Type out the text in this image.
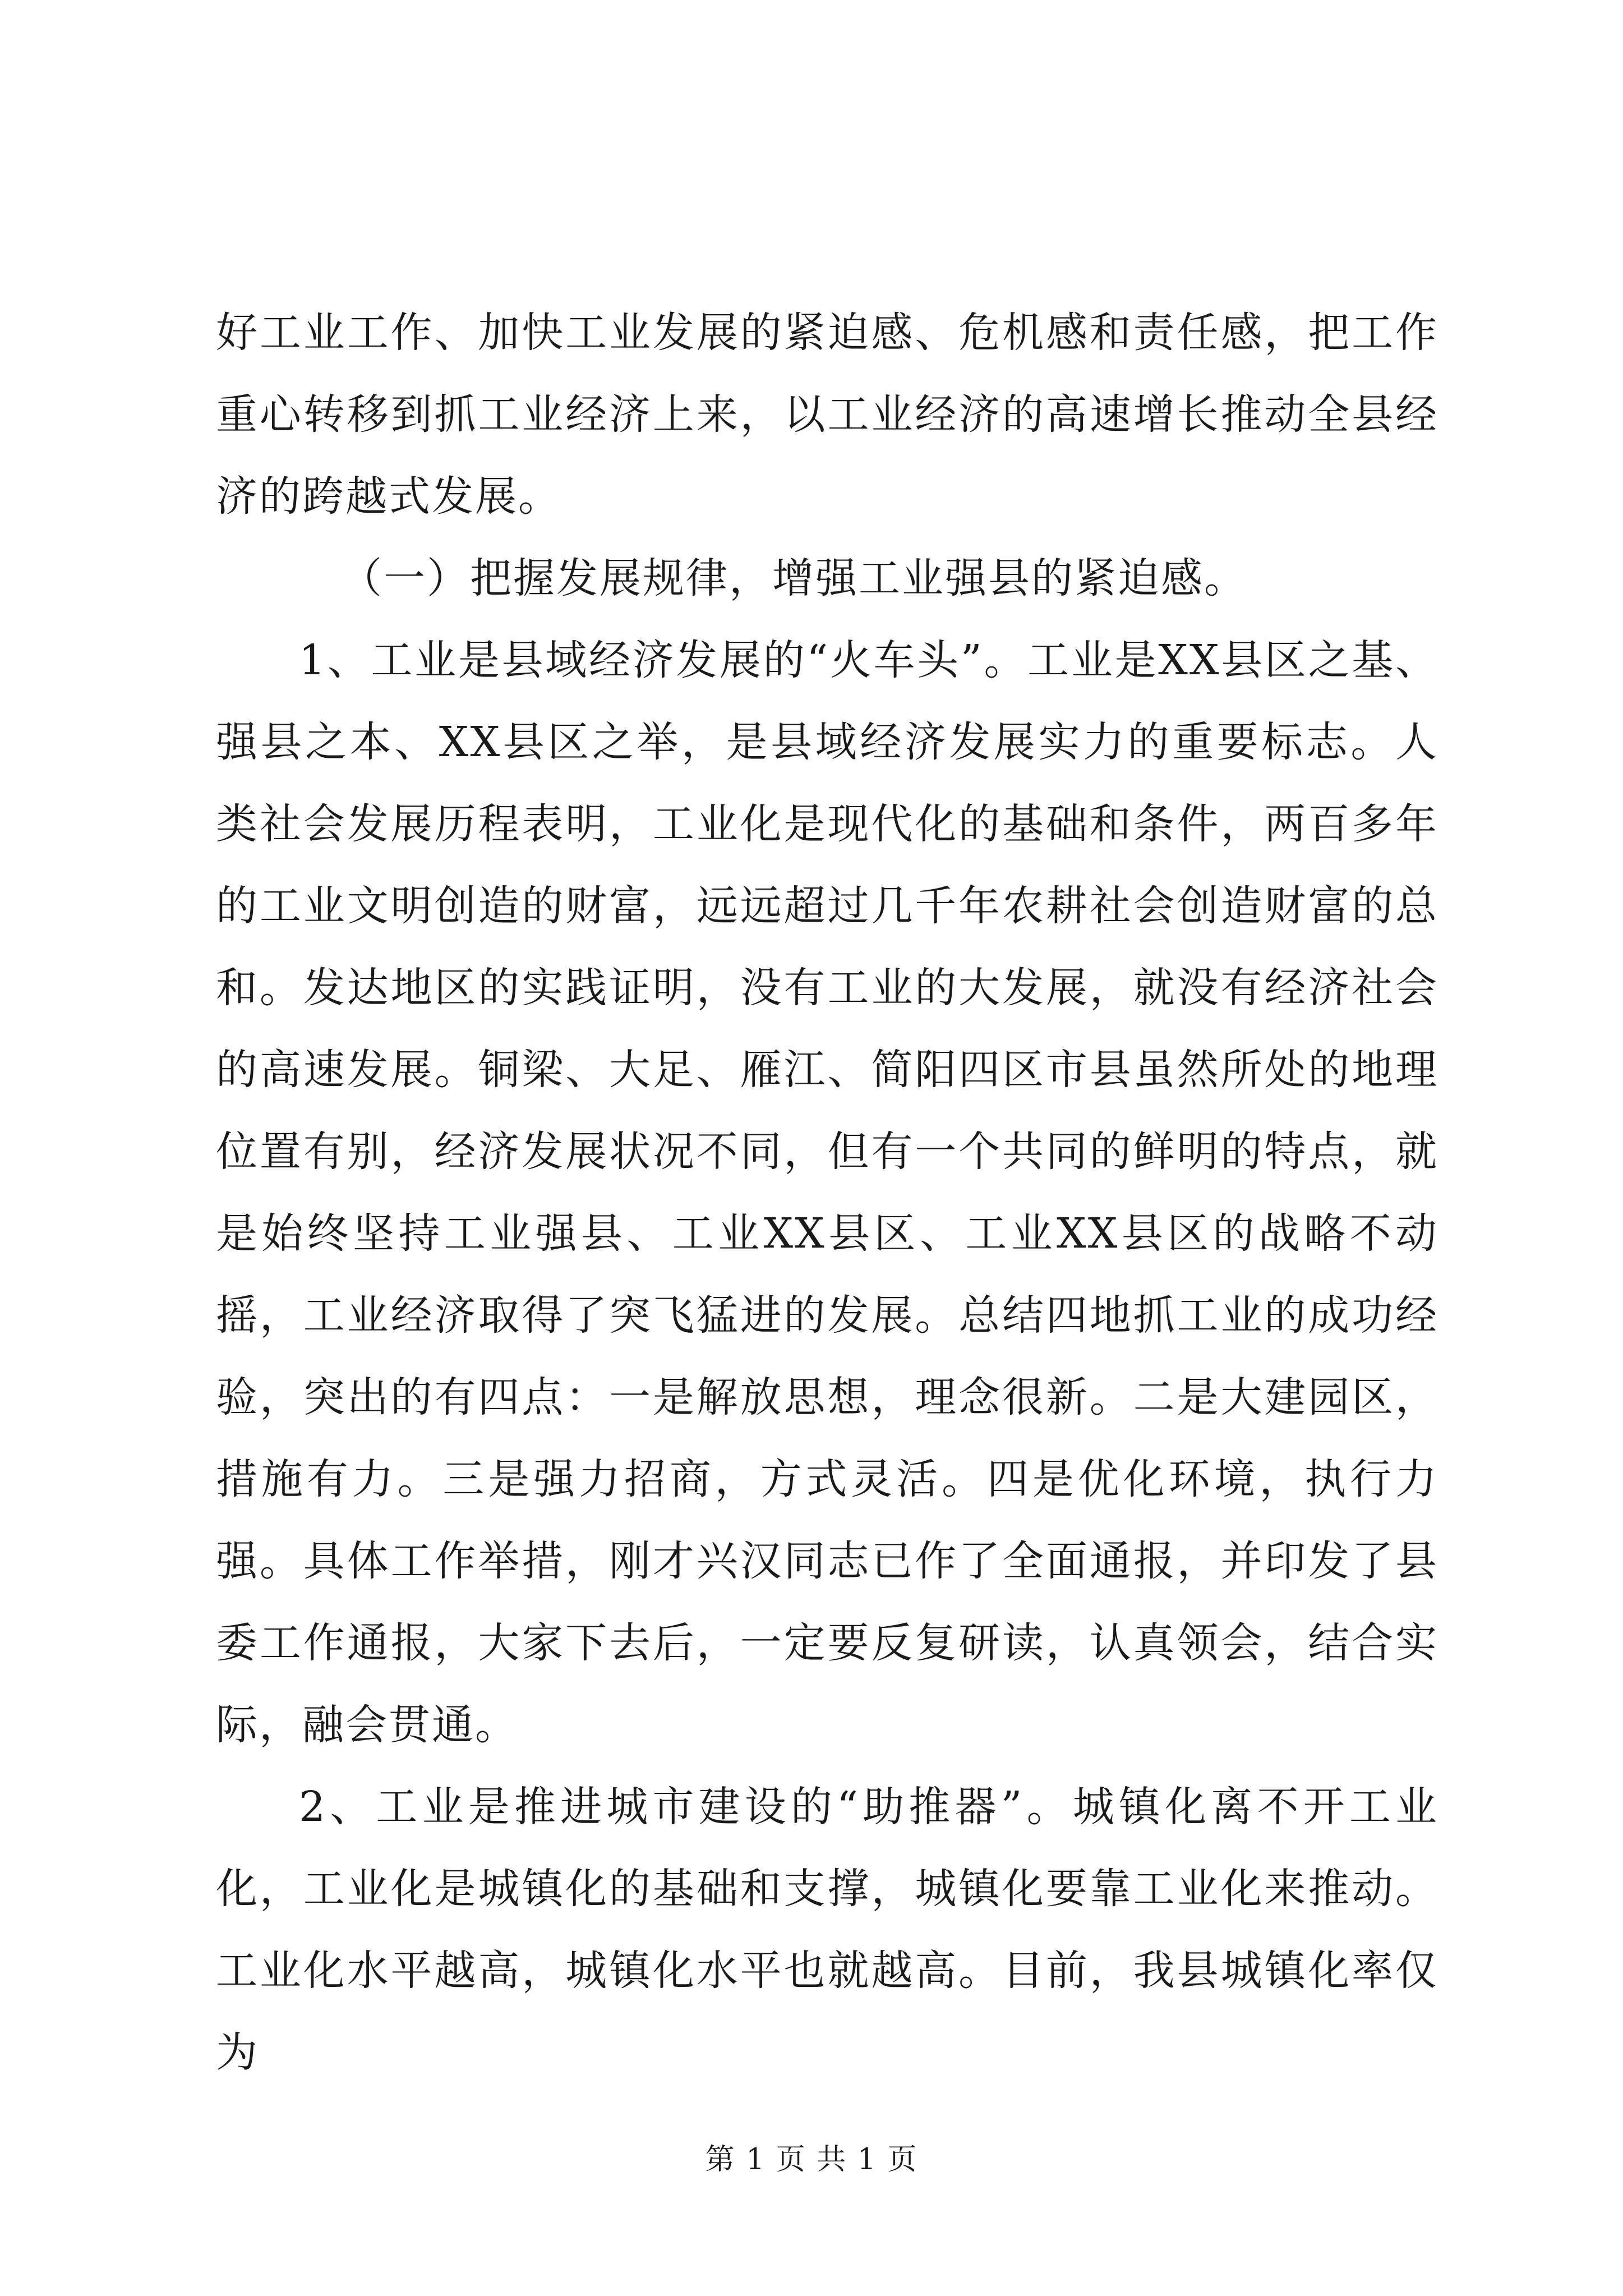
好工业工作、加快工业发展的紧迫感、危机感和责任感，把工作重心转移到抓工业经济上来，以工业经济的高速增长推动全县经济的跨越式发展。

（一）把握发展规律，增强工业强县的紧迫感。

1、工业是县域经济发展的“火车头”。工业是XX县区之基、强县之本、XX县区之举，是县域经济发展实力的重要标志。人类社会发展历程表明，工业化是现代化的基础和条件，两百多年的工业文明创造的财富，远远超过几千年农耕社会创造财富的总和。发达地区的实践证明，没有工业的大发展，就没有经济社会的高速发展。铜梁、大足、雁江、简阳四区市县虽然所处的地理位置有别，经济发展状况不同，但有一个共同的鲜明的特点，就是始终坚持工业强县、工业XX县区、工业XX县区的战略不动摇，工业经济取得了突飞猛进的发展。总结四地抓工业的成功经验，突出的有四点：一是解放思想，理念很新。二是大建园区，措施有力。三是强力招商，方式灵活。四是优化环境，执行力强。具体工作举措，刚才兴汉同志已作了全面通报，并印发了县委工作通报，大家下去后，一定要反复研读，认真领会，结合实际，融会贯通。

2、工业是推进城市建设的“助推器”。城镇化离不开工业化，工业化是城镇化的基础和支撑，城镇化要靠工业化来推动。工业化水平越高，城镇化水平也就越高。目前，我县城镇化率仅为

第 1 页 共 1 页
